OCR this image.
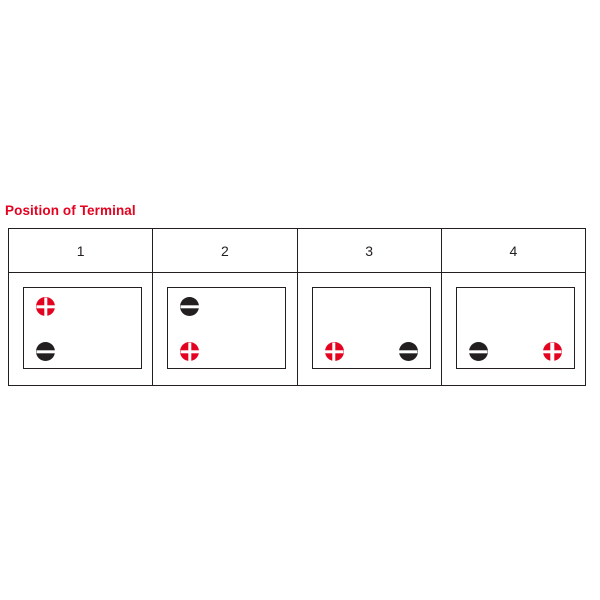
Position of Terminal
1	2	3	4
